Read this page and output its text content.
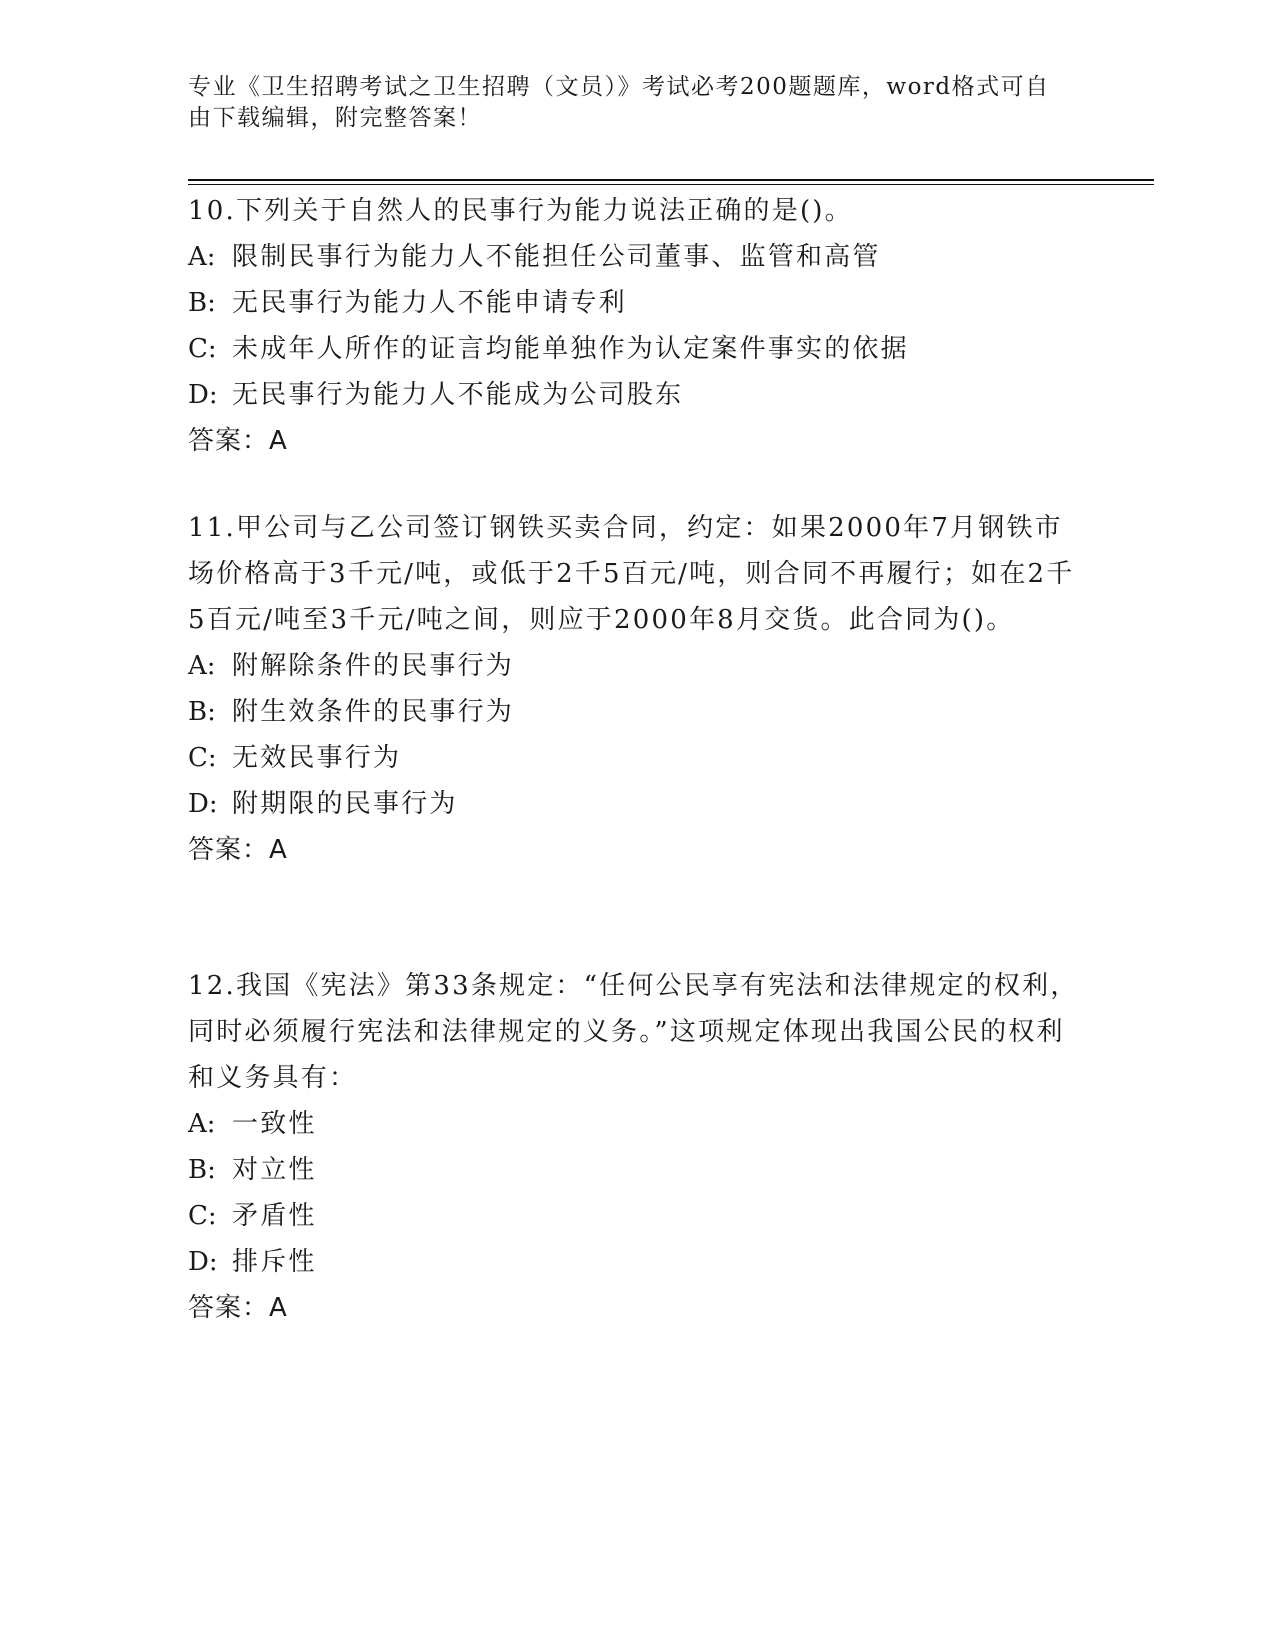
专业《卫生招聘考试之卫生招聘（文员）》考试必考200题题库，word格式可自由下载编辑，附完整答案！

10.下列关于自然人的民事行为能力说法正确的是()。

A: 限制民事行为能力人不能担任公司董事、监管和高管

B: 无民事行为能力人不能申请专利

C: 未成年人所作的证言均能单独作为认定案件事实的依据

D: 无民事行为能力人不能成为公司股东

答案：A

11.甲公司与乙公司签订钢铁买卖合同，约定：如果2000年7月钢铁市场价格高于3千元/吨，或低于2千5百元/吨，则合同不再履行；如在2千5百元/吨至3千元/吨之间，则应于2000年8月交货。此合同为()。

A: 附解除条件的民事行为

B: 附生效条件的民事行为

C: 无效民事行为

D: 附期限的民事行为

答案：A

12.我国《宪法》第33条规定：“任何公民享有宪法和法律规定的权利，同时必须履行宪法和法律规定的义务。”这项规定体现出我国公民的权利和义务具有：

A: 一致性

B: 对立性

C: 矛盾性

D: 排斥性

答案：A
